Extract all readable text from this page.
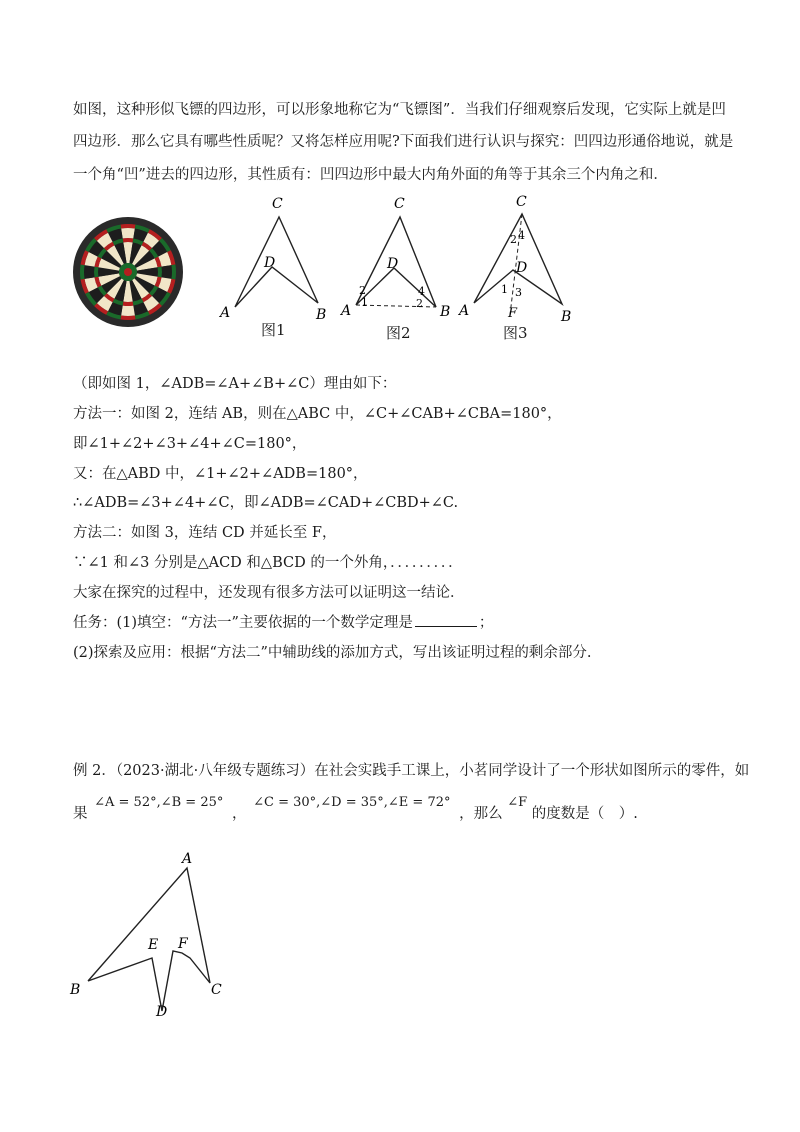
如图，这种形似飞镖的四边形，可以形象地称它为“飞镖图”．当我们仔细观察后发现，它实际上就是凹
四边形．那么它具有哪些性质呢？又将怎样应用呢?下面我们进行认识与探究：凹四边形通俗地说，就是
一个角“凹”进去的四边形，其性质有：凹四边形中最大内角外面的角等于其余三个内角之和．
C
D
A	B
图1
C
D
A	B
2
1
4
2
图2
C
D
A	B
F
2 4
1 3
图3
（即如图 1，∠ADB=∠A+∠B+∠C）理由如下：
方法一：如图 2，连结 AB，则在△ABC 中，∠C+∠CAB+∠CBA=180°，
即∠1+∠2+∠3+∠4+∠C=180°，
又：在△ABD 中，∠1+∠2+∠ADB=180°，
∴∠ADB=∠3+∠4+∠C，即∠ADB=∠CAD+∠CBD+∠C.
方法二：如图 3，连结 CD 并延长至 F，
∵∠1 和∠3 分别是△ACD 和△BCD 的一个外角，．．．．．．．．．
大家在探究的过程中，还发现有很多方法可以证明这一结论．
任务：(1)填空：“方法一”主要依据的一个数学定理是	；
(2)探索及应用：根据“方法二”中辅助线的添加方式，写出该证明过程的剩余部分.
例 2．（2023·湖北·八年级专题练习）在社会实践手工课上，小茗同学设计了一个形状如图所示的零件，如
果 ∠A = 52°,∠B = 25° ， ∠C = 30°,∠D = 35°,∠E = 72° ，那么 ∠F 的度数是（　）.
A
B	C
D
E F
